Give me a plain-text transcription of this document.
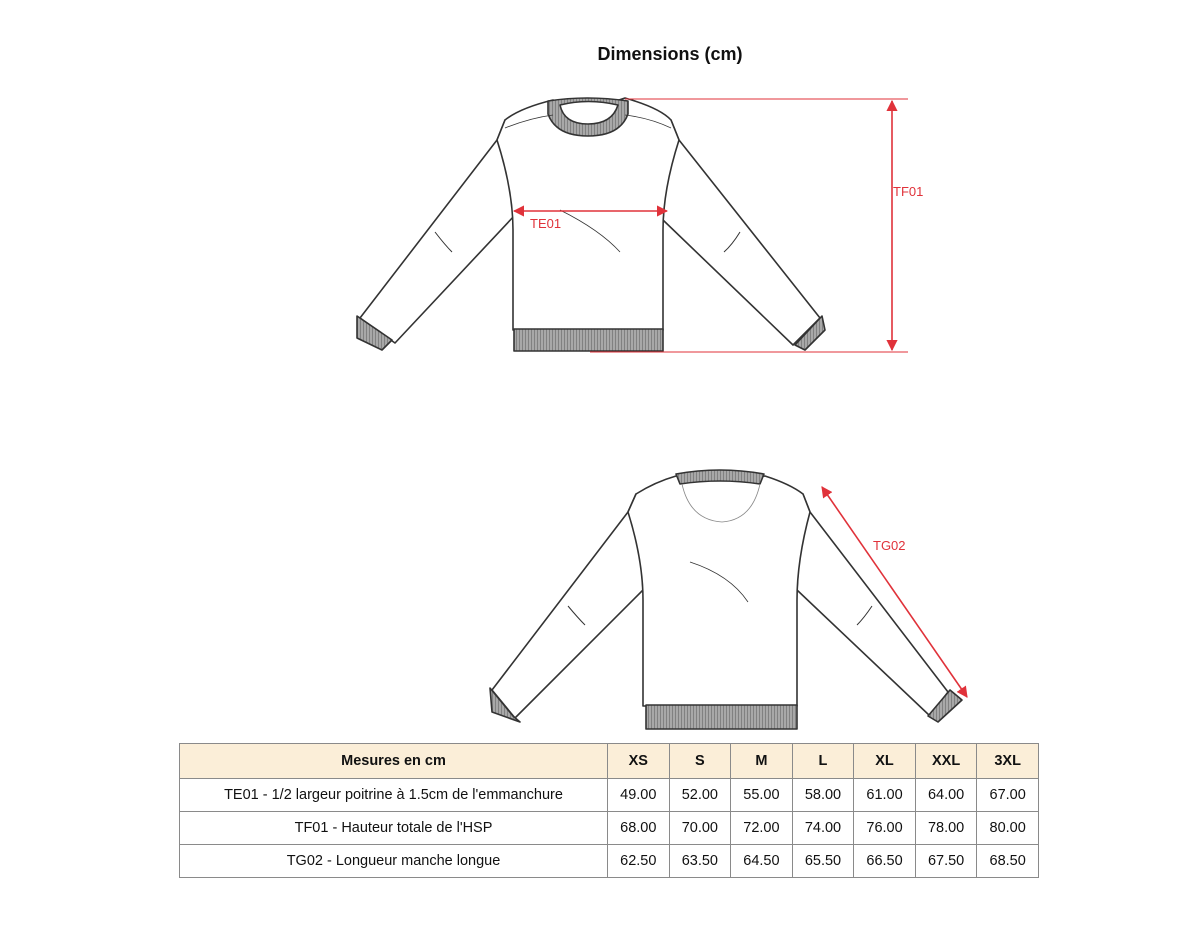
Dimensions (cm)
TE01
TF01
TG02
Mesures en cm	XS	S	M	L	XL	XXL	3XL
TE01 - 1/2 largeur poitrine à 1.5cm de l'emmanchure	49.00	52.00	55.00	58.00	61.00	64.00	67.00
TF01 - Hauteur totale de l'HSP	68.00	70.00	72.00	74.00	76.00	78.00	80.00
TG02 - Longueur manche longue	62.50	63.50	64.50	65.50	66.50	67.50	68.50
